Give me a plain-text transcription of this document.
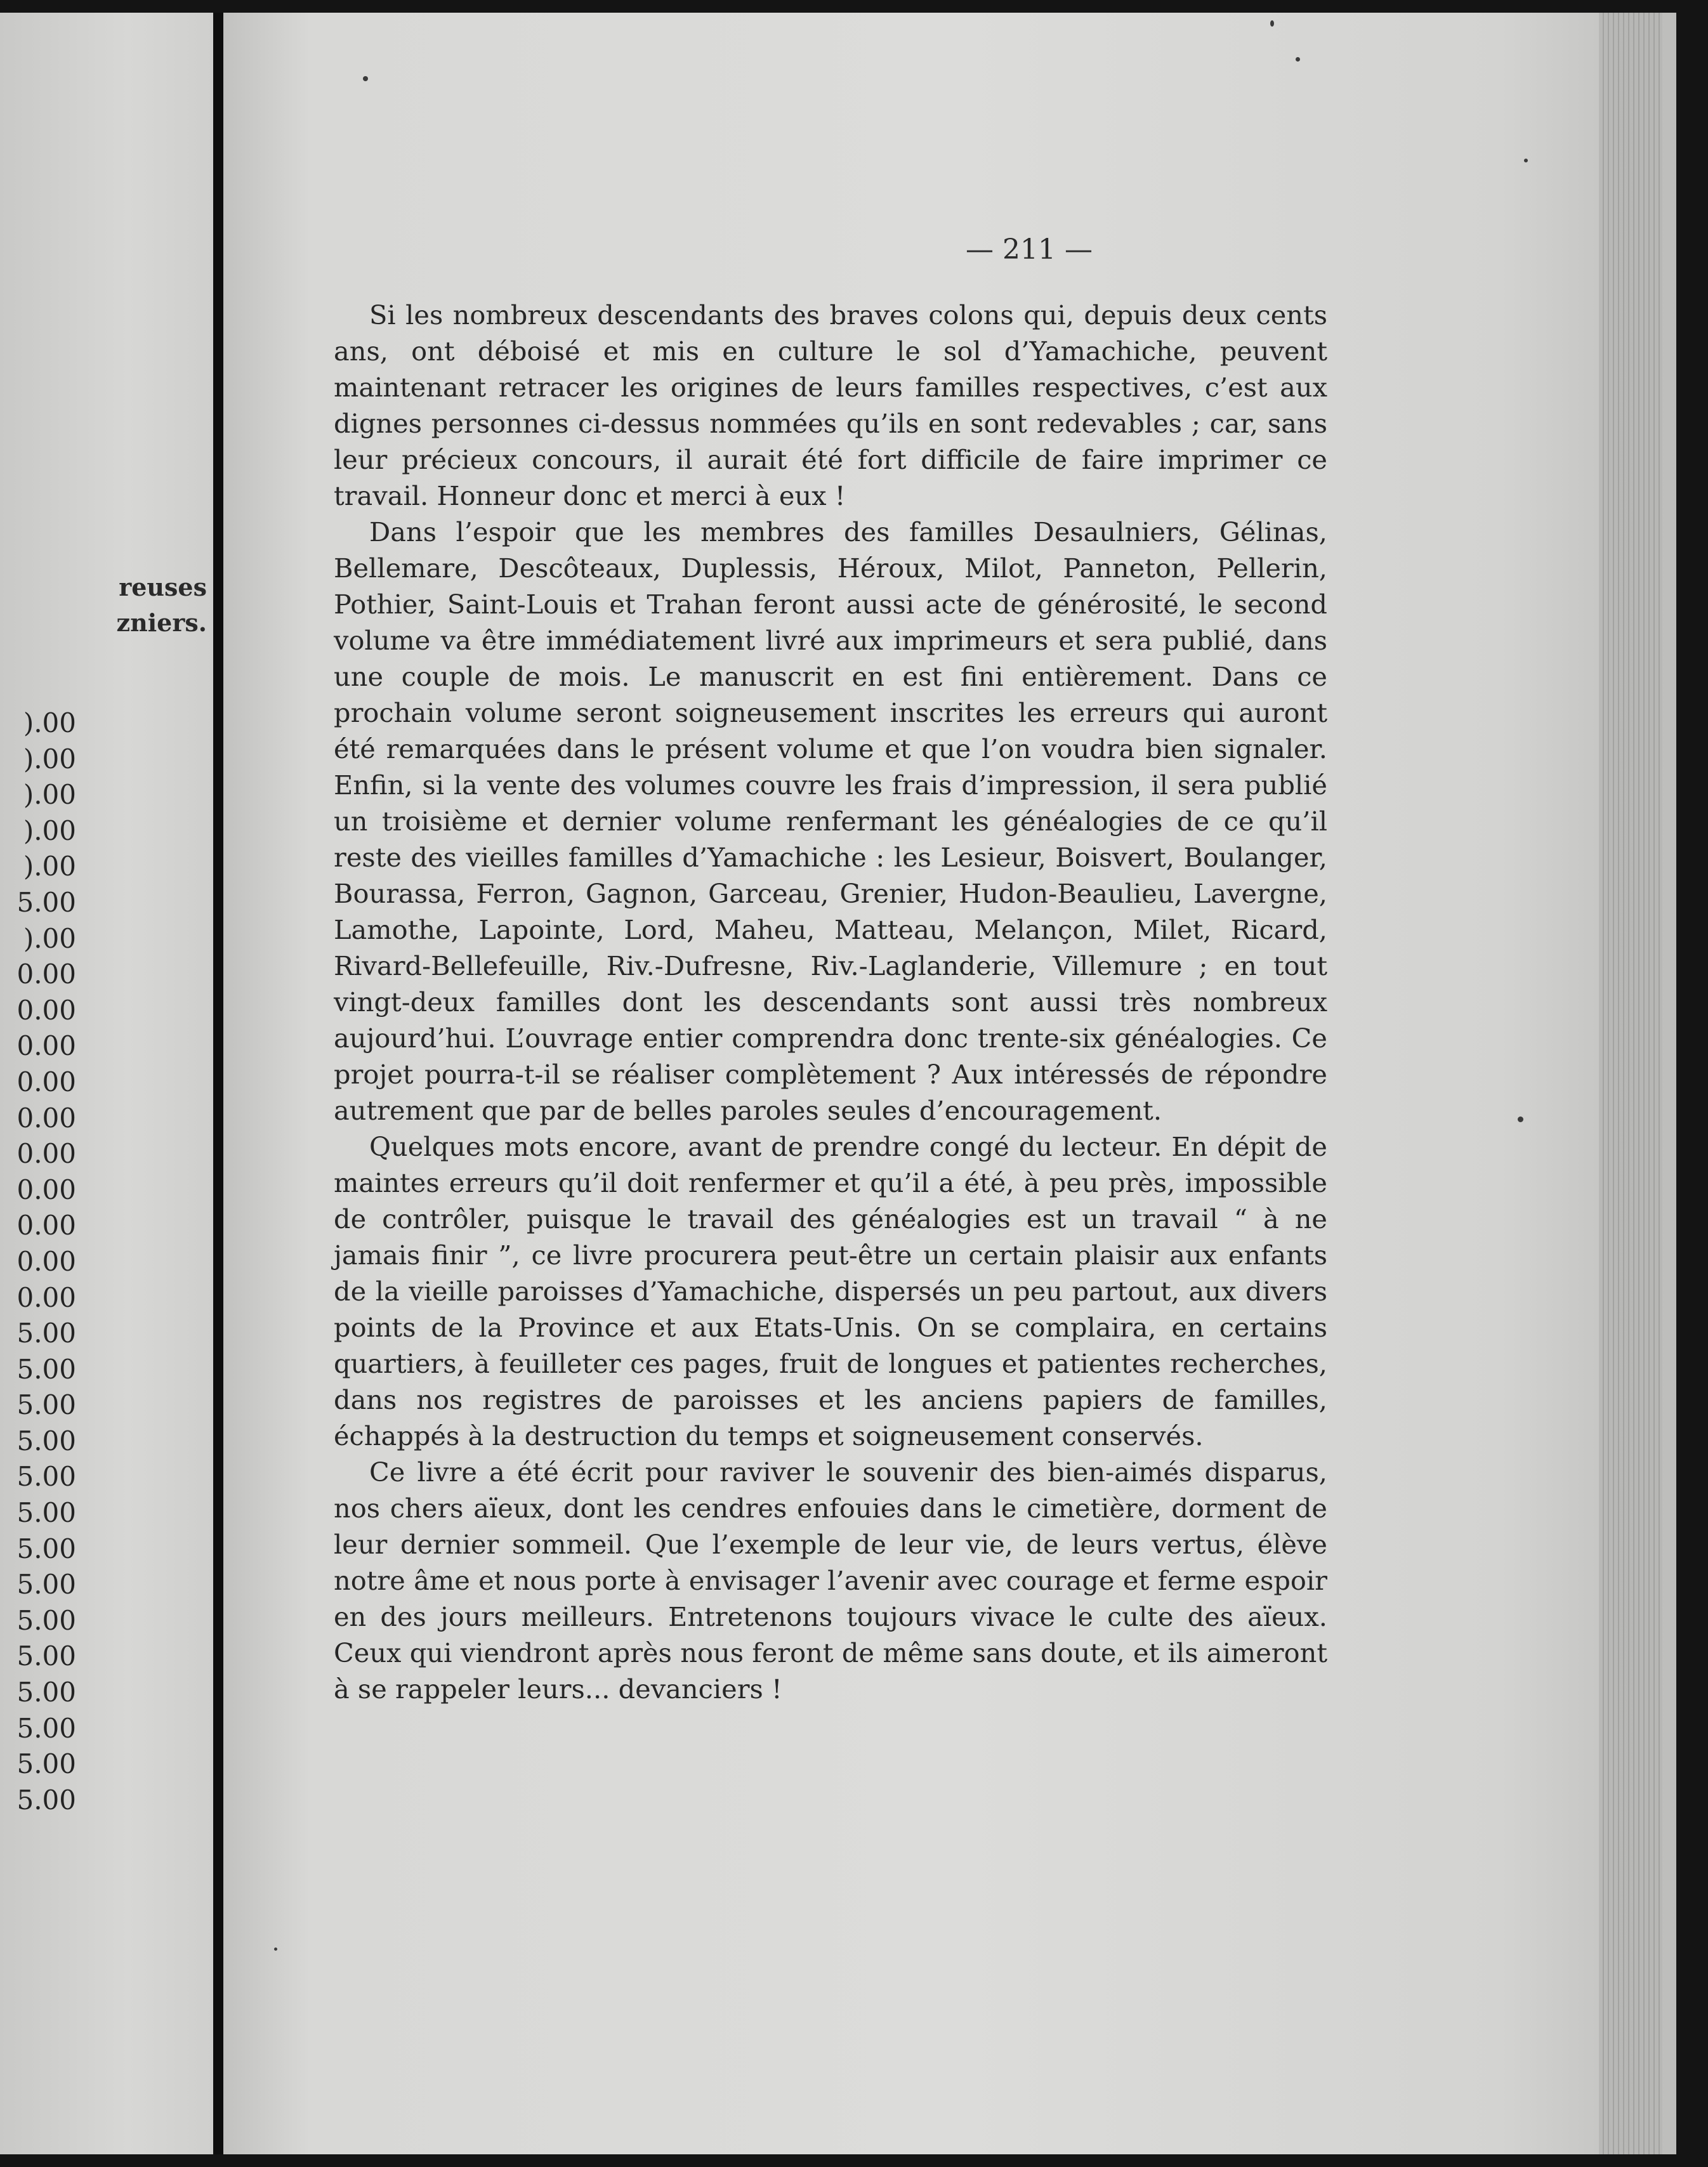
reuses
zniers.
).00
).00
).00
).00
).00
5.00
).00
0.00
0.00
0.00
0.00
0.00
0.00
0.00
0.00
0.00
0.00
5.00
5.00
5.00
5.00
5.00
5.00
5.00
5.00
5.00
5.00
5.00
5.00
5.00
5.00
— 211 —

Si les nombreux descendants des braves colons qui, depuis deux cents ans, ont déboisé et mis en culture le sol d’Yamachiche, peuvent maintenant retracer les origines de leurs familles respectives, c’est aux dignes personnes ci-dessus nommées qu’ils en sont redevables ; car, sans leur précieux concours, il aurait été fort difficile de faire imprimer ce travail. Honneur donc et merci à eux !

Dans l’espoir que les membres des familles Desaulniers, Gélinas, Bellemare, Descôteaux, Duplessis, Héroux, Milot, Panneton, Pellerin, Pothier, Saint-Louis et Trahan feront aussi acte de générosité, le second volume va être immédiatement livré aux imprimeurs et sera publié, dans une couple de mois. Le manuscrit en est fini entièrement. Dans ce prochain volume seront soigneusement inscrites les erreurs qui auront été remarquées dans le présent volume et que l’on voudra bien signaler. Enfin, si la vente des volumes couvre les frais d’impression, il sera publié un troisième et dernier volume renfermant les généalogies de ce qu’il reste des vieilles familles d’Yamachiche : les Lesieur, Boisvert, Boulanger, Bourassa, Ferron, Gagnon, Garceau, Grenier, Hudon-Beaulieu, Lavergne, Lamothe, Lapointe, Lord, Maheu, Matteau, Melançon, Milet, Ricard, Rivard-Bellefeuille, Riv.-Dufresne, Riv.-Laglanderie, Villemure ; en tout vingt-deux familles dont les descendants sont aussi très nombreux aujourd’hui. L’ouvrage entier comprendra donc trente-six généalogies. Ce projet pourra-t-il se réaliser complètement ? Aux intéressés de répondre autrement que par de belles paroles seules d’encouragement.

Quelques mots encore, avant de prendre congé du lecteur. En dépit de maintes erreurs qu’il doit renfermer et qu’il a été, à peu près, impossible de contrôler, puisque le travail des généalogies est un travail “ à ne jamais finir ”, ce livre procurera peut-être un certain plaisir aux enfants de la vieille paroisses d’Yamachiche, dispersés un peu partout, aux divers points de la Province et aux Etats-Unis. On se complaira, en certains quartiers, à feuilleter ces pages, fruit de longues et patientes recherches, dans nos registres de paroisses et les anciens papiers de familles, échappés à la destruction du temps et soigneusement conservés.

Ce livre a été écrit pour raviver le souvenir des bien-aimés disparus, nos chers aïeux, dont les cendres enfouies dans le cimetière, dorment de leur dernier sommeil. Que l’exemple de leur vie, de leurs vertus, élève notre âme et nous porte à envisager l’avenir avec courage et ferme espoir en des jours meilleurs. Entretenons toujours vivace le culte des aïeux. Ceux qui viendront après nous feront de même sans doute, et ils aimeront à se rappeler leurs... devanciers !
